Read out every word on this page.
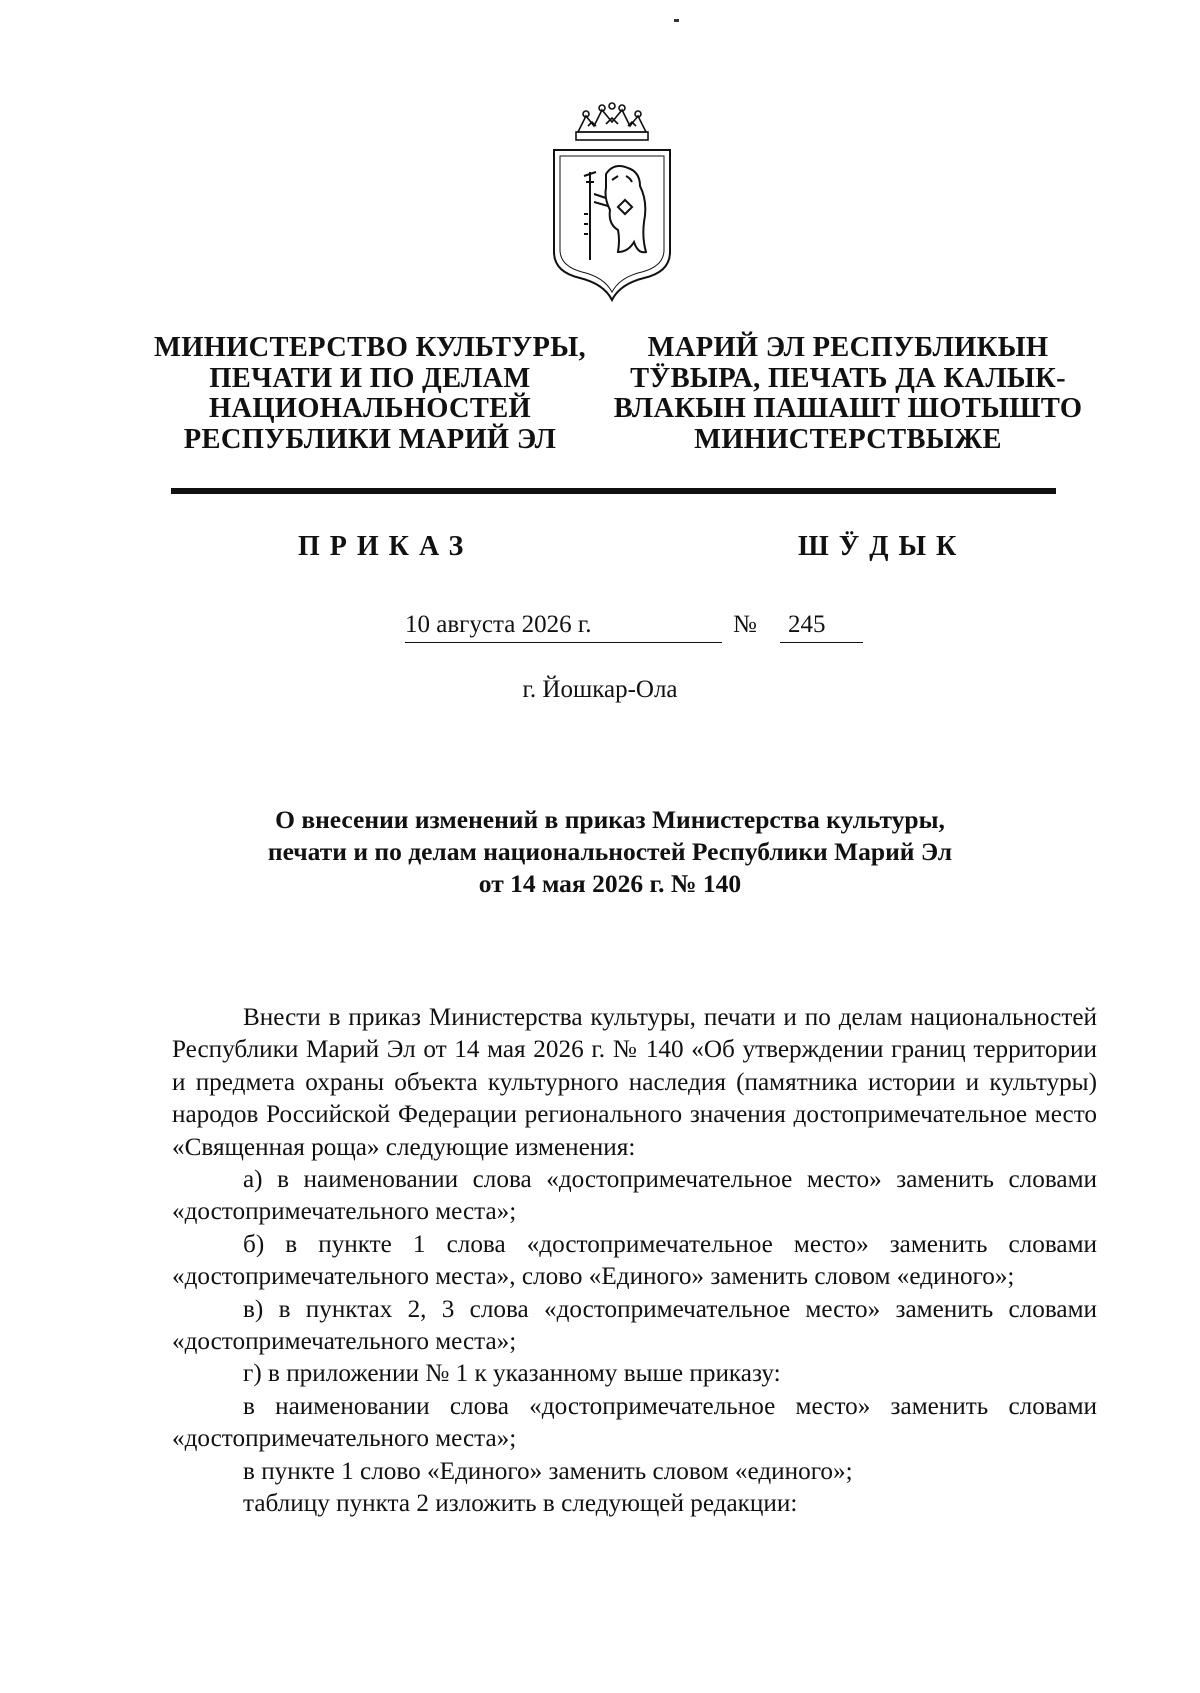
МИНИСТЕРСТВО КУЛЬТУРЫ,
ПЕЧАТИ И ПО ДЕЛАМ
НАЦИОНАЛЬНОСТЕЙ
РЕСПУБЛИКИ МАРИЙ ЭЛ
МАРИЙ ЭЛ РЕСПУБЛИКЫН
ТӰВЫРА, ПЕЧАТЬ ДА КАЛЫК-
ВЛАКЫН ПАШАШТ ШОТЫШТО
МИНИСТЕРСТВЫЖЕ
ПРИКАЗ	ШӰДЫК
10 августа 2026 г.	№ 245
г. Йошкар-Ола
О внесении изменений в приказ Министерства культуры,
печати и по делам национальностей Республики Марий Эл
от 14 мая 2026 г. № 140

Внести в приказ Министерства культуры, печати и по делам национальностей Республики Марий Эл от 14 мая 2026 г. № 140 «Об утверждении границ территории и предмета охраны объекта культурного наследия (памятника истории и культуры) народов Российской Федерации регионального значения достопримечательное место «Священная роща» следующие изменения:

а) в наименовании слова «достопримечательное место» заменить словами «достопримечательного места»;

б) в пункте 1 слова «достопримечательное место» заменить словами «достопримечательного места», слово «Единого» заменить словом «единого»;

в) в пунктах 2, 3 слова «достопримечательное место» заменить словами «достопримечательного места»;

г) в приложении № 1 к указанному выше приказу:

в наименовании слова «достопримечательное место» заменить словами «достопримечательного места»;

в пункте 1 слово «Единого» заменить словом «единого»;

таблицу пункта 2 изложить в следующей редакции:
